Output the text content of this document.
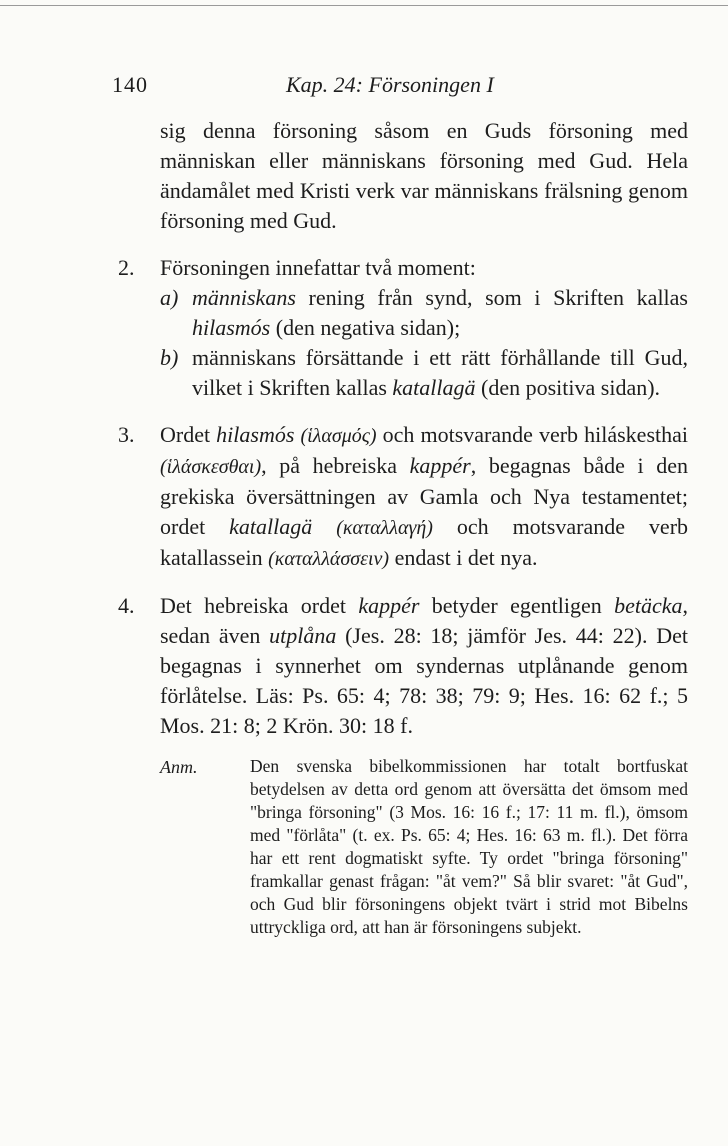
140	Kap. 24: Försoningen I
sig denna försoning såsom en Guds försoning med människan eller människans försoning med Gud. Hela ändamålet med Kristi verk var människans frälsning genom försoning med Gud.
2. Försoningen innefattar två moment:
a) människans rening från synd, som i Skriften kallas hilasmós (den negativa sidan);
b) människans försättande i ett rätt förhållande till Gud, vilket i Skriften kallas katallagä (den positiva sidan).
3. Ordet hilasmós (ἱλασμός) och motsvarande verb hiláskesthai (ἱλάσκεσθαι), på hebreiska kappér, begagnas både i den grekiska översättningen av Gamla och Nya testamentet; ordet katallagä (καταλλαγή) och motsvarande verb katallassein (καταλλάσσειν) endast i det nya.
4. Det hebreiska ordet kappér betyder egentligen betäcka, sedan även utplåna (Jes. 28: 18; jämför Jes. 44: 22). Det begagnas i synnerhet om syndernas utplånande genom förlåtelse. Läs: Ps. 65: 4; 78: 38; 79: 9; Hes. 16: 62 f.; 5 Mos. 21: 8; 2 Krön. 30: 18 f.
Anm.	Den svenska bibelkommissionen har totalt bortfuskat betydelsen av detta ord genom att översätta det ömsom med "bringa försoning" (3 Mos. 16: 16 f.; 17: 11 m. fl.), ömsom med "förlåta" (t. ex. Ps. 65: 4; Hes. 16: 63 m. fl.). Det förra har ett rent dogmatiskt syfte. Ty ordet "bringa försoning" framkallar genast frågan: "åt vem?" Så blir svaret: "åt Gud", och Gud blir försoningens objekt tvärt i strid mot Bibelns uttryckliga ord, att han är försoningens subjekt.
